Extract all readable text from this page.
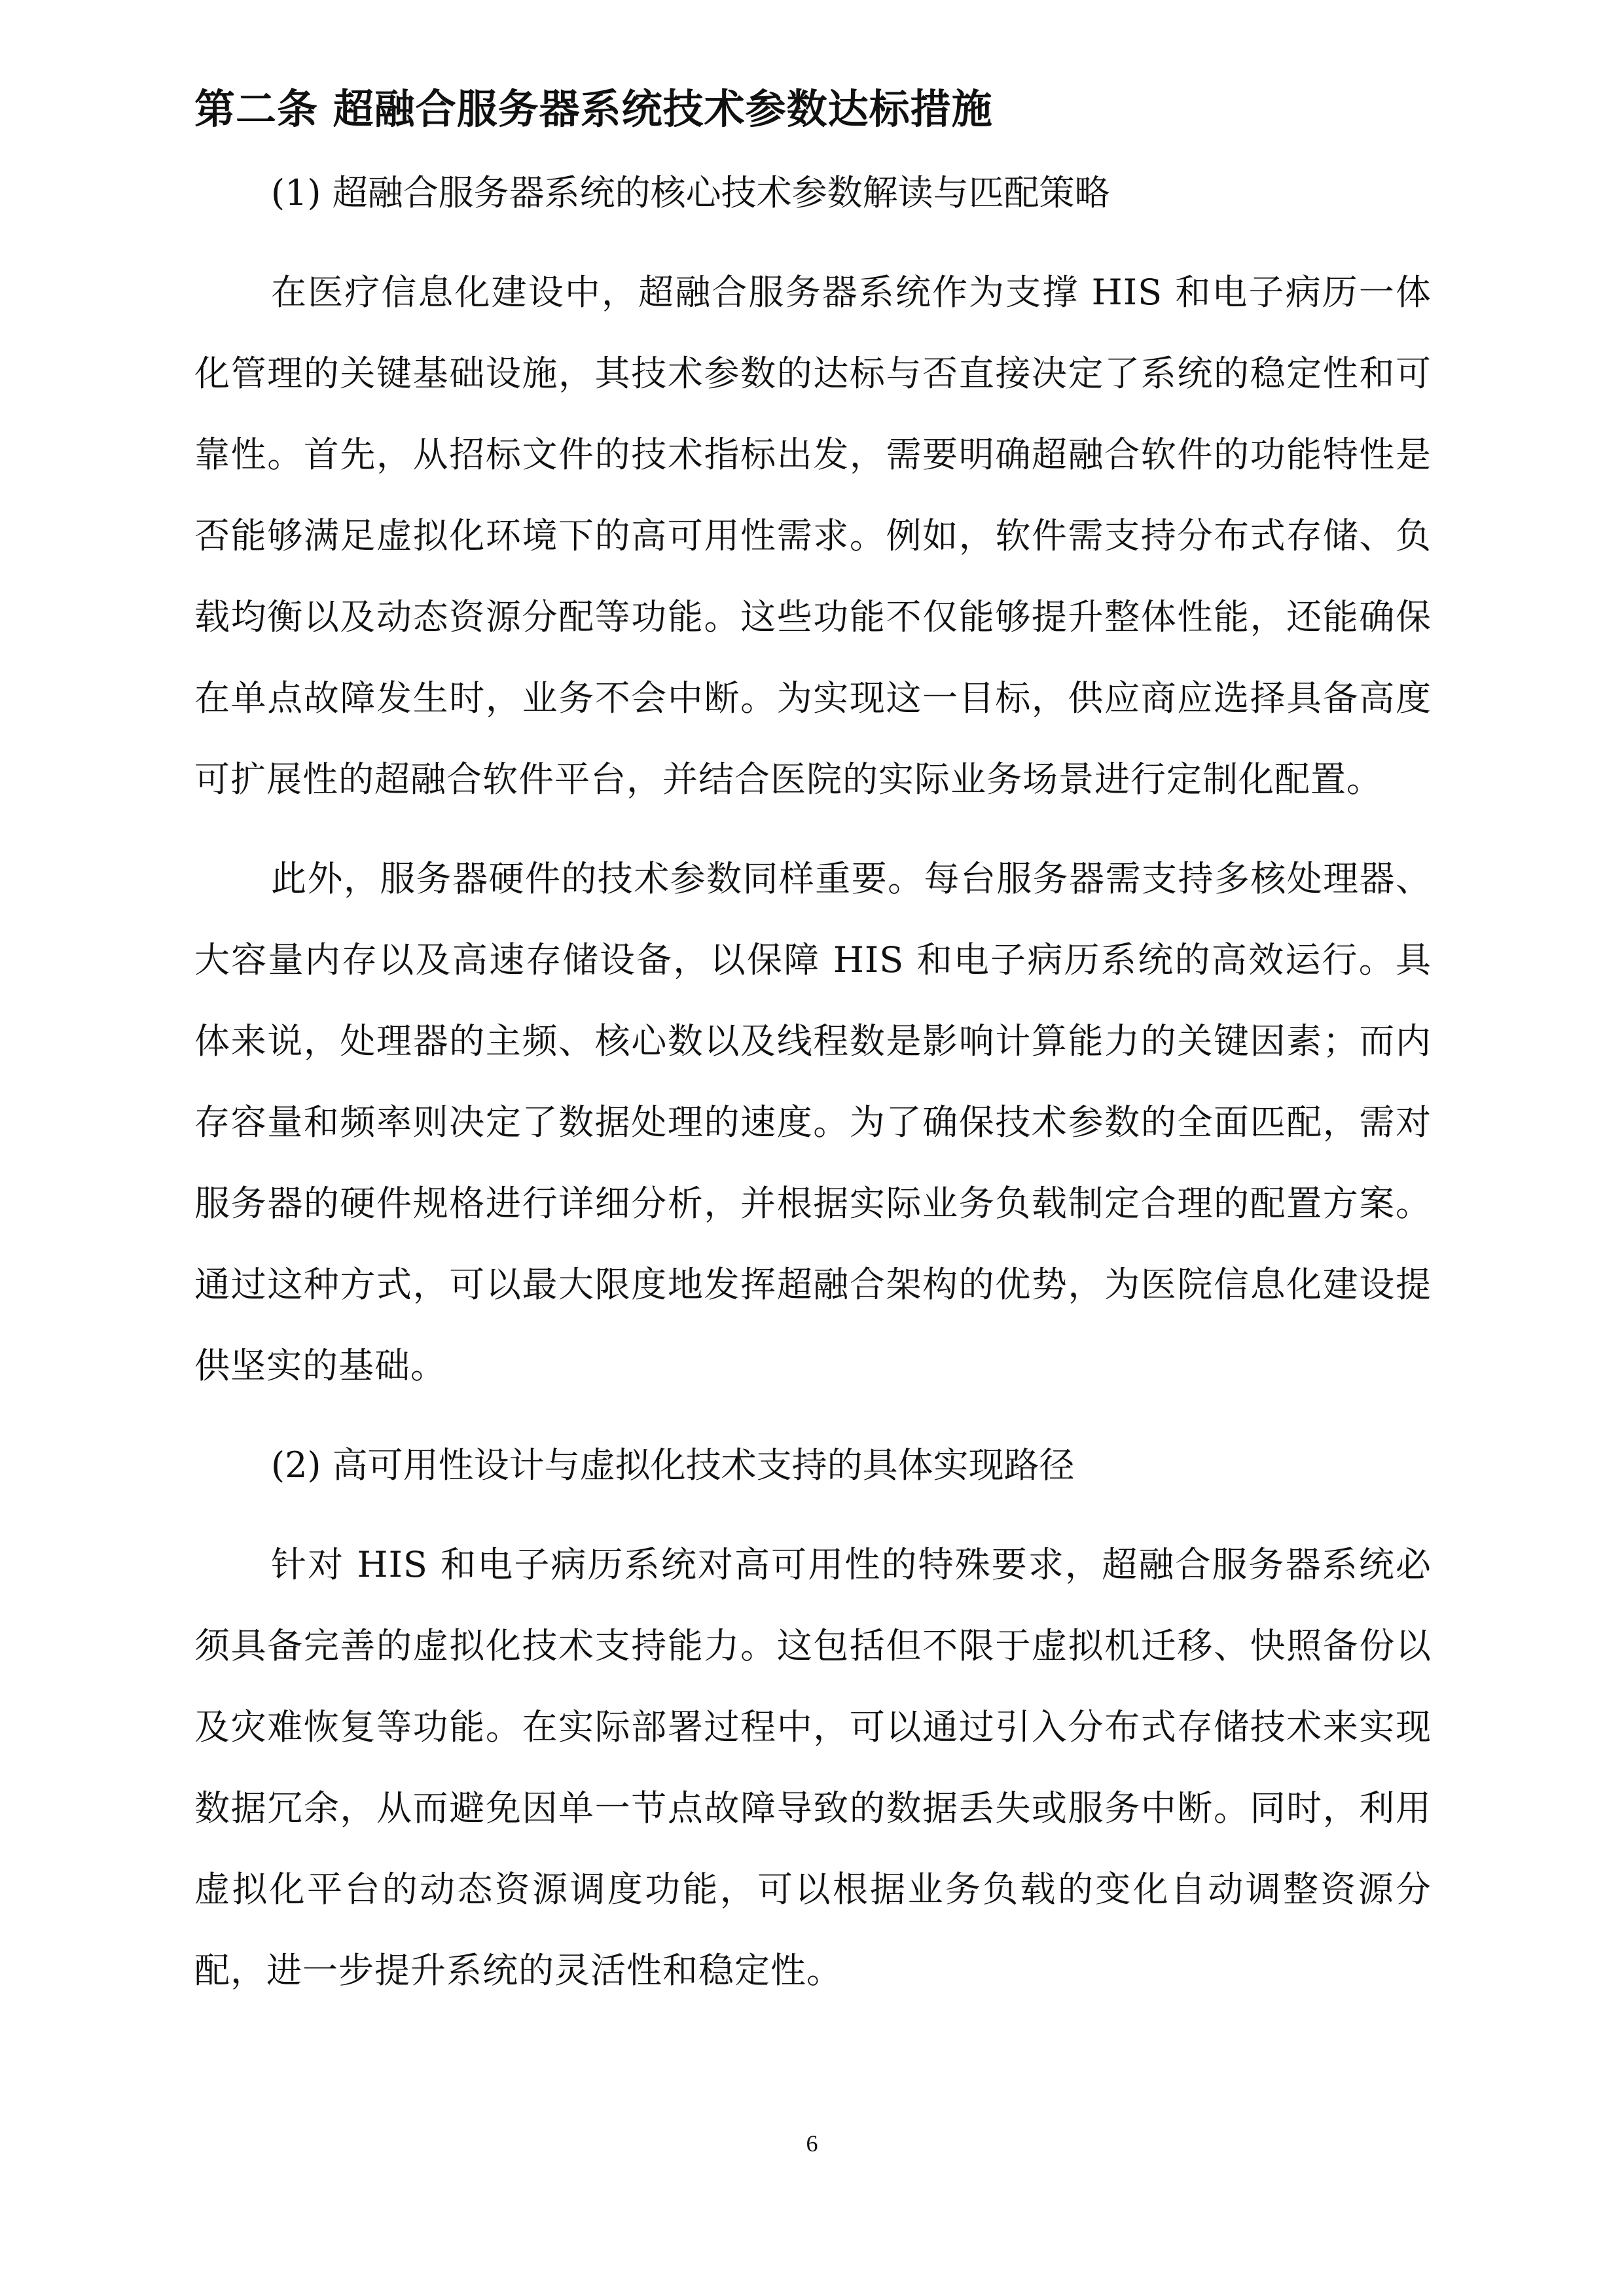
第二条 超融合服务器系统技术参数达标措施
(1) 超融合服务器系统的核心技术参数解读与匹配策略

在医疗信息化建设中，超融合服务器系统作为支撑 HIS 和电子病历一体化管理的关键基础设施，其技术参数的达标与否直接决定了系统的稳定性和可靠性。首先，从招标文件的技术指标出发，需要明确超融合软件的功能特性是否能够满足虚拟化环境下的高可用性需求。例如，软件需支持分布式存储、负载均衡以及动态资源分配等功能。这些功能不仅能够提升整体性能，还能确保在单点故障发生时，业务不会中断。为实现这一目标，供应商应选择具备高度可扩展性的超融合软件平台，并结合医院的实际业务场景进行定制化配置。

此外，服务器硬件的技术参数同样重要。每台服务器需支持多核处理器、大容量内存以及高速存储设备，以保障 HIS 和电子病历系统的高效运行。具体来说，处理器的主频、核心数以及线程数是影响计算能力的关键因素；而内存容量和频率则决定了数据处理的速度。为了确保技术参数的全面匹配，需对服务器的硬件规格进行详细分析，并根据实际业务负载制定合理的配置方案。通过这种方式，可以最大限度地发挥超融合架构的优势，为医院信息化建设提供坚实的基础。

(2) 高可用性设计与虚拟化技术支持的具体实现路径

针对 HIS 和电子病历系统对高可用性的特殊要求，超融合服务器系统必须具备完善的虚拟化技术支持能力。这包括但不限于虚拟机迁移、快照备份以及灾难恢复等功能。在实际部署过程中，可以通过引入分布式存储技术来实现数据冗余，从而避免因单一节点故障导致的数据丢失或服务中断。同时，利用虚拟化平台的动态资源调度功能，可以根据业务负载的变化自动调整资源分配，进一步提升系统的灵活性和稳定性。

6
